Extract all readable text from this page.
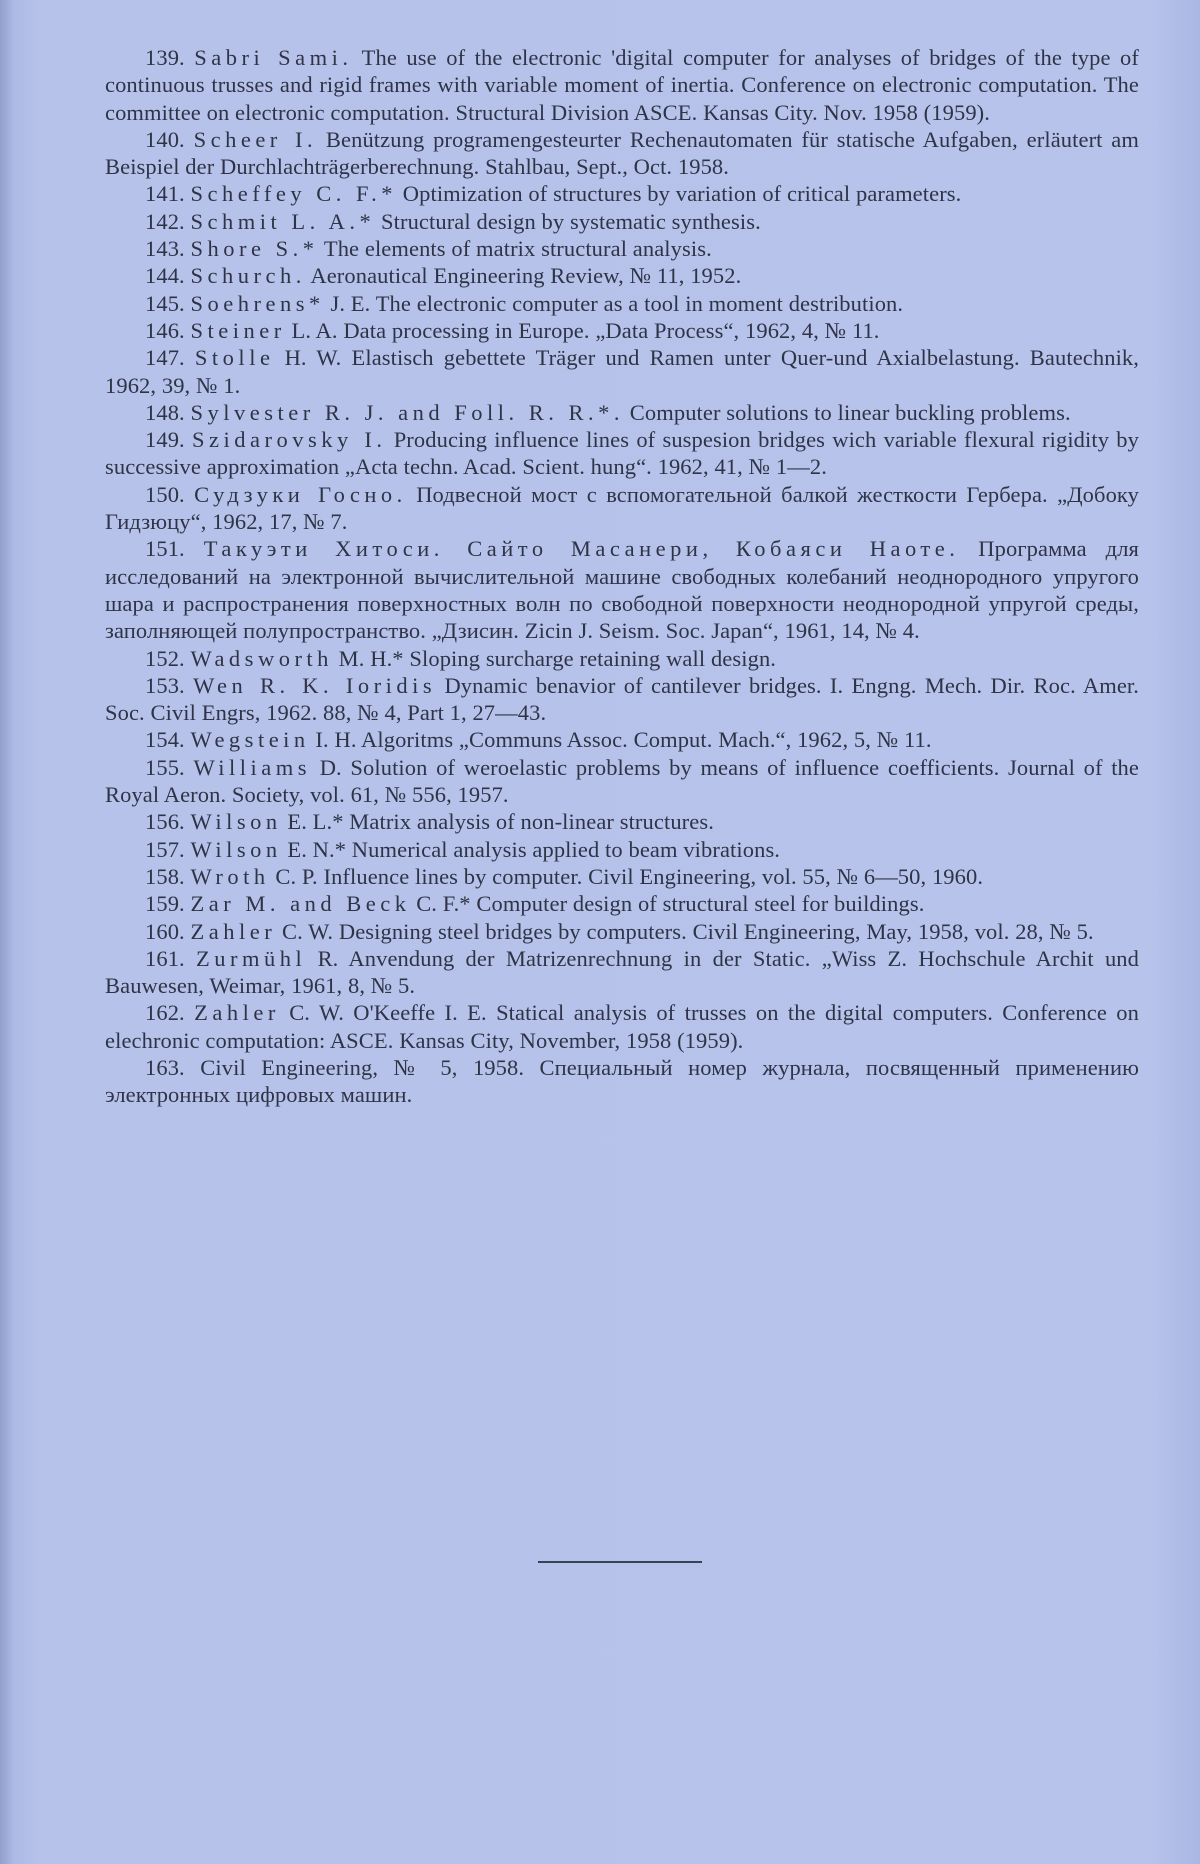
139. Sabri Sami. The use of the electronic 'digital computer for analyses of bridges of the type of continuous trusses and rigid frames with variable moment of inertia. Conference on electronic computation. The committee on electronic computation. Structural Division ASCE. Kansas City. Nov. 1958 (1959).

140. Scheer I. Benützung programengesteurter Rechenautomaten für statische Aufgaben, erläutert am Beispiel der Durchlachträgerberechnung. Stahlbau, Sept., Oct. 1958.

141. Scheffey C. F.* Optimization of structures by variation of critical parameters.

142. Schmit L. A.* Structural design by systematic synthesis.

143. Shore S.* The elements of matrix structural analysis.

144. Schurch. Aeronautical Engineering Review, № 11, 1952.

145. Soehrens* J. E. The electronic computer as a tool in moment destribution.

146. Steiner L. A. Data processing in Europe. „Data Process“, 1962, 4, № 11.

147. Stolle H. W. Elastisch gebettete Träger und Ramen unter Quer-und Axialbelastung. Bautechnik, 1962, 39, № 1.

148. Sylvester R. J. and Foll. R. R.*. Computer solutions to linear buckling problems.

149. Szidarovsky I. Producing influence lines of suspesion bridges wich variable flexural rigidity by successive approximation „Acta techn. Acad. Scient. hung“. 1962, 41, № 1—2.

150. Судзуки Госно. Подвесной мост с вспомогательной балкой жесткости Гербера. „Добоку Гидзюцу“, 1962, 17, № 7.

151. Такуэти Хитоси. Сайто Масанери, Кобаяси Наоте. Программа для исследований на электронной вычислительной машине свободных колебаний неоднородного упругого шара и распространения поверхностных волн по свободной поверхности неоднородной упругой среды, заполняющей полупространство. „Дзисин. Zicin J. Seism. Soc. Japan“, 1961, 14, № 4.

152. Wadsworth M. H.* Sloping surcharge retaining wall design.

153. Wen R. K. Ioridis Dynamic benavior of cantilever bridges. I. Engng. Mech. Dir. Roc. Amer. Soc. Civil Engrs, 1962. 88, № 4, Part 1, 27—43.

154. Wegstein I. H. Algoritms „Communs Assoc. Comput. Mach.“, 1962, 5, № 11.

155. Williams D. Solution of weroelastic problems by means of influence coefficients. Journal of the Royal Aeron. Society, vol. 61, № 556, 1957.

156. Wilson E. L.* Matrix analysis of non-linear structures.

157. Wilson E. N.* Numerical analysis applied to beam vibrations.

158. Wroth C. P. Influence lines by computer. Civil Engineering, vol. 55, № 6—50, 1960.

159. Zar M. and Beck C. F.* Computer design of structural steel for buildings.

160. Zahler C. W. Designing steel bridges by computers. Civil Engineering, May, 1958, vol. 28, № 5.

161. Zurmühl R. Anvendung der Matrizenrechnung in der Static. „Wiss Z. Hochschule Archit und Bauwesen, Weimar, 1961, 8, № 5.

162. Zahler C. W. O'Keeffe I. E. Statical analysis of trusses on the digital computers. Conference on elechronic computation: ASCE. Kansas City, November, 1958 (1959).

163. Civil Engineering, № 5, 1958. Специальный номер журнала, посвященный применению электронных цифровых машин.
